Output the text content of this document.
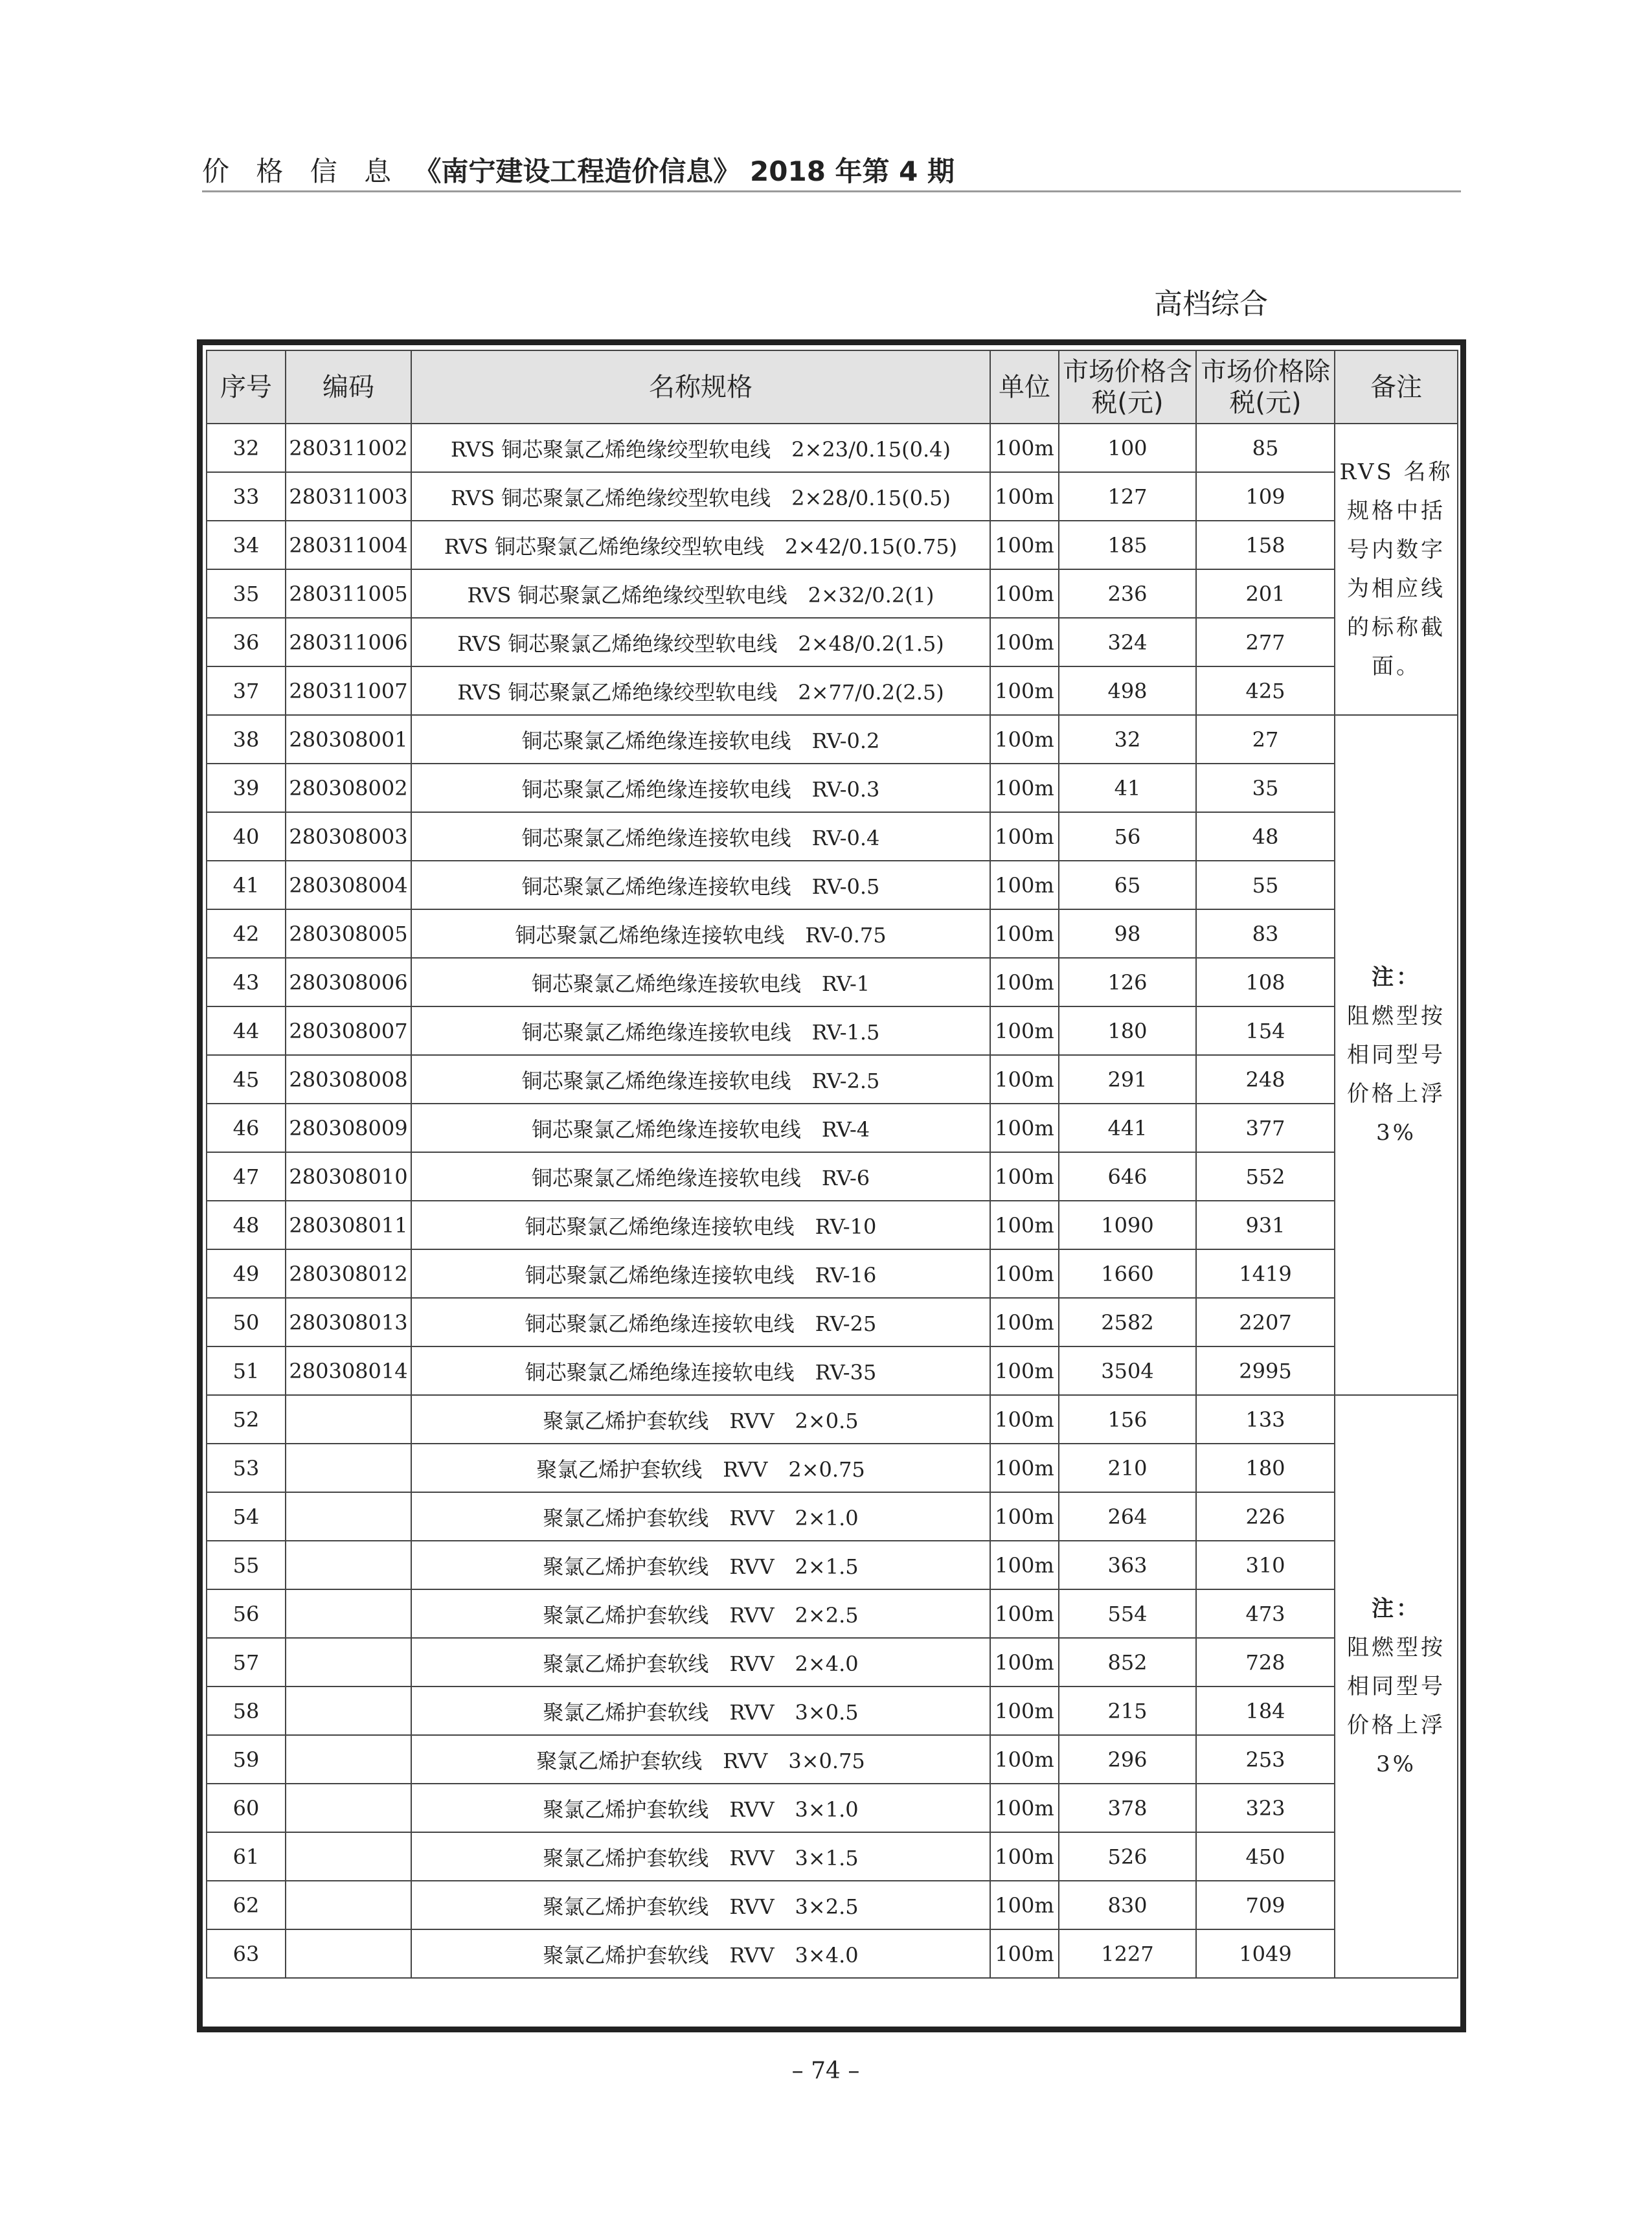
价 格 信 息 《南宁建设工程造价信息》 2018 年第 4 期
高档综合
序号	编码	名称规格	单位	市场价格含税(元)	市场价格除税(元)	备注
32	280311002	RVS 铜芯聚氯乙烯绝缘绞型软电线　2×23/0.15(0.4)	100m	100	85	RVS 名称规格中括号内数字为相应线的标称截面。

33	280311003	RVS 铜芯聚氯乙烯绝缘绞型软电线　2×28/0.15(0.5)	100m	127	109	
34	280311004	RVS 铜芯聚氯乙烯绝缘绞型软电线　2×42/0.15(0.75)	100m	185	158	
35	280311005	RVS 铜芯聚氯乙烯绝缘绞型软电线　2×32/0.2(1)	100m	236	201	
36	280311006	RVS 铜芯聚氯乙烯绝缘绞型软电线　2×48/0.2(1.5)	100m	324	277	
37	280311007	RVS 铜芯聚氯乙烯绝缘绞型软电线　2×77/0.2(2.5)	100m	498	425	
38	280308001	铜芯聚氯乙烯绝缘连接软电线　RV-0.2	100m	32	27	注：
阻燃型按相同型号价格上浮3%

39	280308002	铜芯聚氯乙烯绝缘连接软电线　RV-0.3	100m	41	35	
40	280308003	铜芯聚氯乙烯绝缘连接软电线　RV-0.4	100m	56	48	
41	280308004	铜芯聚氯乙烯绝缘连接软电线　RV-0.5	100m	65	55	
42	280308005	铜芯聚氯乙烯绝缘连接软电线　RV-0.75	100m	98	83	
43	280308006	铜芯聚氯乙烯绝缘连接软电线　RV-1	100m	126	108	
44	280308007	铜芯聚氯乙烯绝缘连接软电线　RV-1.5	100m	180	154	
45	280308008	铜芯聚氯乙烯绝缘连接软电线　RV-2.5	100m	291	248	
46	280308009	铜芯聚氯乙烯绝缘连接软电线　RV-4	100m	441	377	
47	280308010	铜芯聚氯乙烯绝缘连接软电线　RV-6	100m	646	552	
48	280308011	铜芯聚氯乙烯绝缘连接软电线　RV-10	100m	1090	931	
49	280308012	铜芯聚氯乙烯绝缘连接软电线　RV-16	100m	1660	1419	
50	280308013	铜芯聚氯乙烯绝缘连接软电线　RV-25	100m	2582	2207	
51	280308014	铜芯聚氯乙烯绝缘连接软电线　RV-35	100m	3504	2995	
52		聚氯乙烯护套软线　RVV　2×0.5	100m	156	133	注：
阻燃型按相同型号价格上浮3%

53		聚氯乙烯护套软线　RVV　2×0.75	100m	210	180	
54		聚氯乙烯护套软线　RVV　2×1.0	100m	264	226	
55		聚氯乙烯护套软线　RVV　2×1.5	100m	363	310	
56		聚氯乙烯护套软线　RVV　2×2.5	100m	554	473	
57		聚氯乙烯护套软线　RVV　2×4.0	100m	852	728	
58		聚氯乙烯护套软线　RVV　3×0.5	100m	215	184	
59		聚氯乙烯护套软线　RVV　3×0.75	100m	296	253	
60		聚氯乙烯护套软线　RVV　3×1.0	100m	378	323	
61		聚氯乙烯护套软线　RVV　3×1.5	100m	526	450	
62		聚氯乙烯护套软线　RVV　3×2.5	100m	830	709	
63		聚氯乙烯护套软线　RVV　3×4.0	100m	1227	1049	
– 74 –
